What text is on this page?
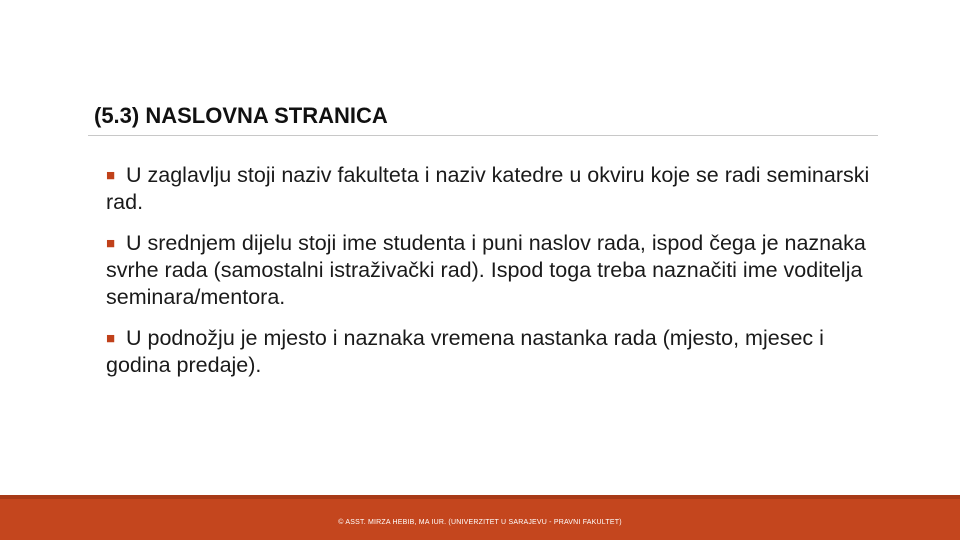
(5.3) NASLOVNA STRANICA
■ U zaglavlju stoji naziv fakulteta i naziv katedre u okviru koje se radi seminarski rad.
■ U srednjem dijelu stoji ime studenta i puni naslov rada, ispod čega je naznaka svrhe rada (samostalni istraživački rad). Ispod toga treba naznačiti ime voditelja seminara/mentora.
■ U podnožju je mjesto i naznaka vremena nastanka rada (mjesto, mjesec i godina predaje).
© ASST. MIRZA HEBIB, MA IUR. (UNIVERZITET U SARAJEVU - PRAVNI FAKULTET)
